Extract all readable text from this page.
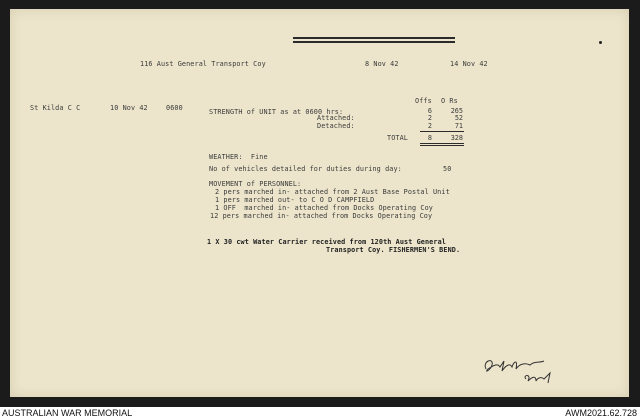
116 Aust General Transport Coy	8 Nov 42	14 Nov 42
St Kilda C C	10 Nov 42	0600	STRENGTH of UNIT as at 0600 hrs:
Offs O Rs
6	265
Attached:	2	52
Detached:	2	71
TOTAL	8	328
WEATHER:  Fine
No of vehicles detailed for duties during day:	50
MOVEMENT of PERSONNEL:
2 pers marched in- attached from 2 Aust Base Postal Unit
1 pers marched out- to C O D CAMPFIELD
1 OFF  marched in- attached from Docks Operating Coy
12 pers marched in- attached from Docks Operating Coy
1 X 30 cwt Water Carrier received from 120th Aust General
Transport Coy. FISHERMEN'S BEND.
AUSTRALIAN WAR MEMORIAL	AWM2021.62.728
